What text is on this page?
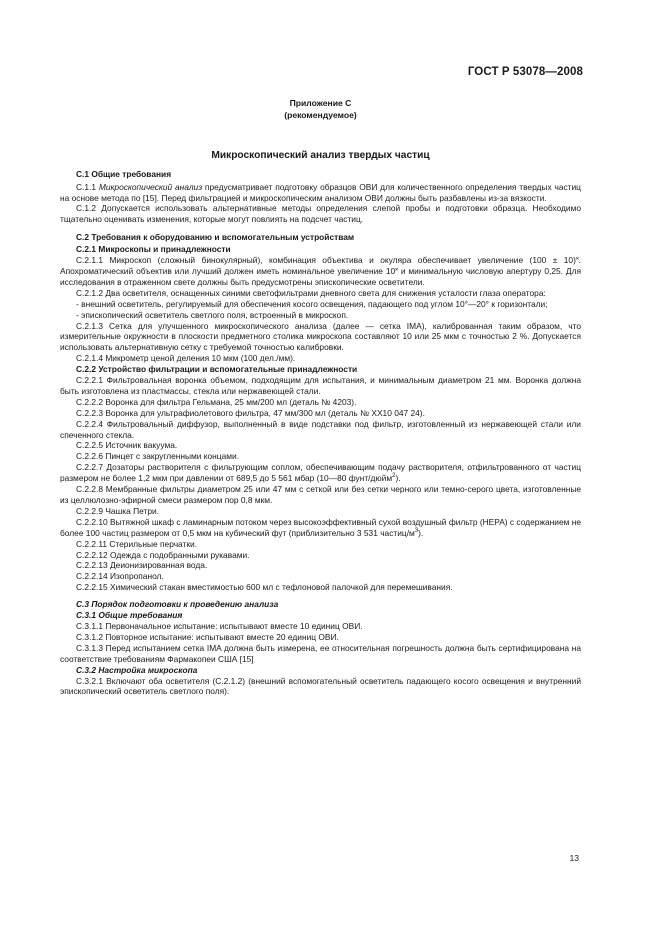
ГОСТ Р 53078—2008
Приложение С
(рекомендуемое)
Микроскопический анализ твердых частиц
С.1 Общие требования

С.1.1 Микроскопический анализ предусматривает подготовку образцов ОВИ для количественного определения твердых частиц на основе метода по [15]. Перед фильтрацией и микроскопическим анализом ОВИ должны быть разбавлены из-за вязкости.

С.1.2 Допускается использовать альтернативные методы определения слепой пробы и подготовки образца. Необходимо тщательно оценивать изменения, которые могут повлиять на подсчет частиц.

С.2 Требования к оборудованию и вспомогательным устройствам
С.2.1 Микроскопы и принадлежности

С.2.1.1 Микроскоп (сложный бинокулярный), комбинация объектива и окуляра обеспечивает увеличение (100 ± 10)˟. Апохроматический объектив или лучший должен иметь номинальное увеличение 10˟ и минимальную числовую апертуру 0,25. Для исследования в отраженном свете должны быть предусмотрены эпископические осветители.

С.2.1.2 Два осветителя, оснащенных синими светофильтрами дневного света для снижения усталости глаза оператора:

- внешний осветитель, регулируемый для обеспечения косого освещения, падающего под углом 10°—20° к горизонтали;

- эпископический осветитель светлого поля, встроенный в микроскоп.

С.2.1.3 Сетка для улучшенного микроскопического анализа (далее — сетка IMA), калиброванная таким образом, что измерительные окружности в плоскости предметного столика микроскопа составляют 10 или 25 мкм с точностью 2 %. Допускается использовать альтернативную сетку с требуемой точностью калибровки.

С.2.1.4 Микрометр ценой деления 10 мкм (100 дел./мм).

С.2.2 Устройство фильтрации и вспомогательные принадлежности

С.2.2.1 Фильтровальная воронка объемом, подходящим для испытания, и минимальным диаметром 21 мм. Воронка должна быть изготовлена из пластмассы, стекла или нержавеющей стали.

С.2.2.2 Воронка для фильтра Гельмана, 25 мм/200 мл (деталь № 4203).

С.2.2.3 Воронка для ультрафиолетового фильтра, 47 мм/300 мл (деталь № XX10 047 24).

С.2.2.4 Фильтровальный диффузор, выполненный в виде подставки под фильтр, изготовленный из нержавеющей стали или спеченного стекла.

С.2.2.5 Источник вакуума.

С.2.2.6 Пинцет с закругленными концами.

С.2.2.7 Дозаторы растворителя с фильтрующим соплом, обеспечивающим подачу растворителя, отфильтрованного от частиц размером не более 1,2 мкм при давлении от 689,5 до 5 561 мбар (10—80 фунт/дюйм$^2$).

С.2.2.8 Мембранные фильтры диаметром 25 или 47 мм с сеткой или без сетки черного или темно-серого цвета, изготовленные из целлюлозно-эфирной смеси размером пор 0,8 мкм.

С.2.2.9 Чашка Петри.

С.2.2.10 Вытяжной шкаф с ламинарным потоком через высокоэффективный сухой воздушный фильтр (HEPA) с содержанием не более 100 частиц размером от 0,5 мкм на кубический фут (приблизительно 3 531 частиц/$м^3$).

С.2.2.11 Стерильные перчатки.

С.2.2.12 Одежда с подобранными рукавами.

С.2.2.13 Деионизированная вода.

С.2.2.14 Изопропанол.

С.2.2.15 Химический стакан вместимостью 600 мл с тефлоновой палочкой для перемешивания.

С.3 Порядок подготовки к проведению анализа
С.3.1 Общие требования

С.3.1.1 Первоначальное испытание: испытывают вместе 10 единиц ОВИ.

С.3.1.2 Повторное испытание: испытывают вместе 20 единиц ОВИ.

С.3.1.3 Перед испытанием сетка IMA должна быть измерена, ее относительная погрешность должна быть сертифицирована на соответствие требованиям Фармакопеи США [15]

С.3.2 Настройка микроскопа

С.3.2.1 Включают оба осветителя (С.2.1.2) (внешний вспомогательный осветитель падающего косого освещения и внутренний эпископический осветитель светлого поля).

13
